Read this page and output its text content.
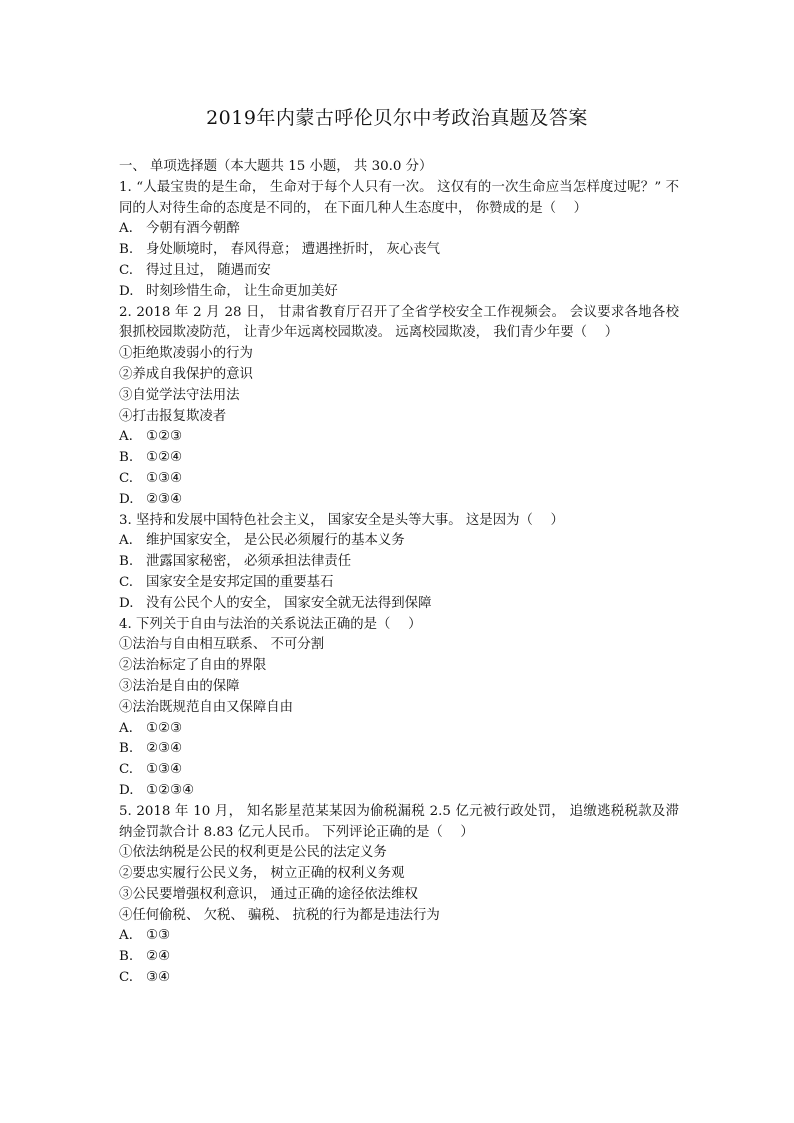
2019年内蒙古呼伦贝尔中考政治真题及答案
一、 单项选择题（本大题共 15 小题， 共 30.0 分）
1. “人最宝贵的是生命， 生命对于每个人只有一次。 这仅有的一次生命应当怎样度过呢？” 不同的人对待生命的态度是不同的， 在下面几种人生态度中， 你赞成的是（　 ）
A. 今朝有酒今朝醉
B. 身处顺境时， 春风得意； 遭遇挫折时， 灰心丧气
C. 得过且过， 随遇而安
D. 时刻珍惜生命， 让生命更加美好
2. 2018 年 2 月 28 日， 甘肃省教育厅召开了全省学校安全工作视频会。 会议要求各地各校狠抓校园欺凌防范， 让青少年远离校园欺凌。 远离校园欺凌， 我们青少年要（　 ）
①拒绝欺凌弱小的行为
②养成自我保护的意识
③自觉学法守法用法
④打击报复欺凌者
A. ①②③
B. ①②④
C. ①③④
D. ②③④
3. 坚持和发展中国特色社会主义， 国家安全是头等大事。 这是因为（　 ）
A. 维护国家安全， 是公民必须履行的基本义务
B. 泄露国家秘密， 必须承担法律责任
C. 国家安全是安邦定国的重要基石
D. 没有公民个人的安全， 国家安全就无法得到保障
4. 下列关于自由与法治的关系说法正确的是（　 ）
①法治与自由相互联系、 不可分割
②法治标定了自由的界限
③法治是自由的保障
④法治既规范自由又保障自由
A. ①②③
B. ②③④
C. ①③④
D. ①②③④
5. 2018 年 10 月， 知名影星范某某因为偷税漏税 2.5 亿元被行政处罚， 追缴逃税税款及滞纳金罚款合计 8.83 亿元人民币。 下列评论正确的是（　 ）
①依法纳税是公民的权利更是公民的法定义务
②要忠实履行公民义务， 树立正确的权利义务观
③公民要增强权利意识， 通过正确的途径依法维权
④任何偷税、 欠税、 骗税、 抗税的行为都是违法行为
A. ①③
B. ②④
C. ③④
